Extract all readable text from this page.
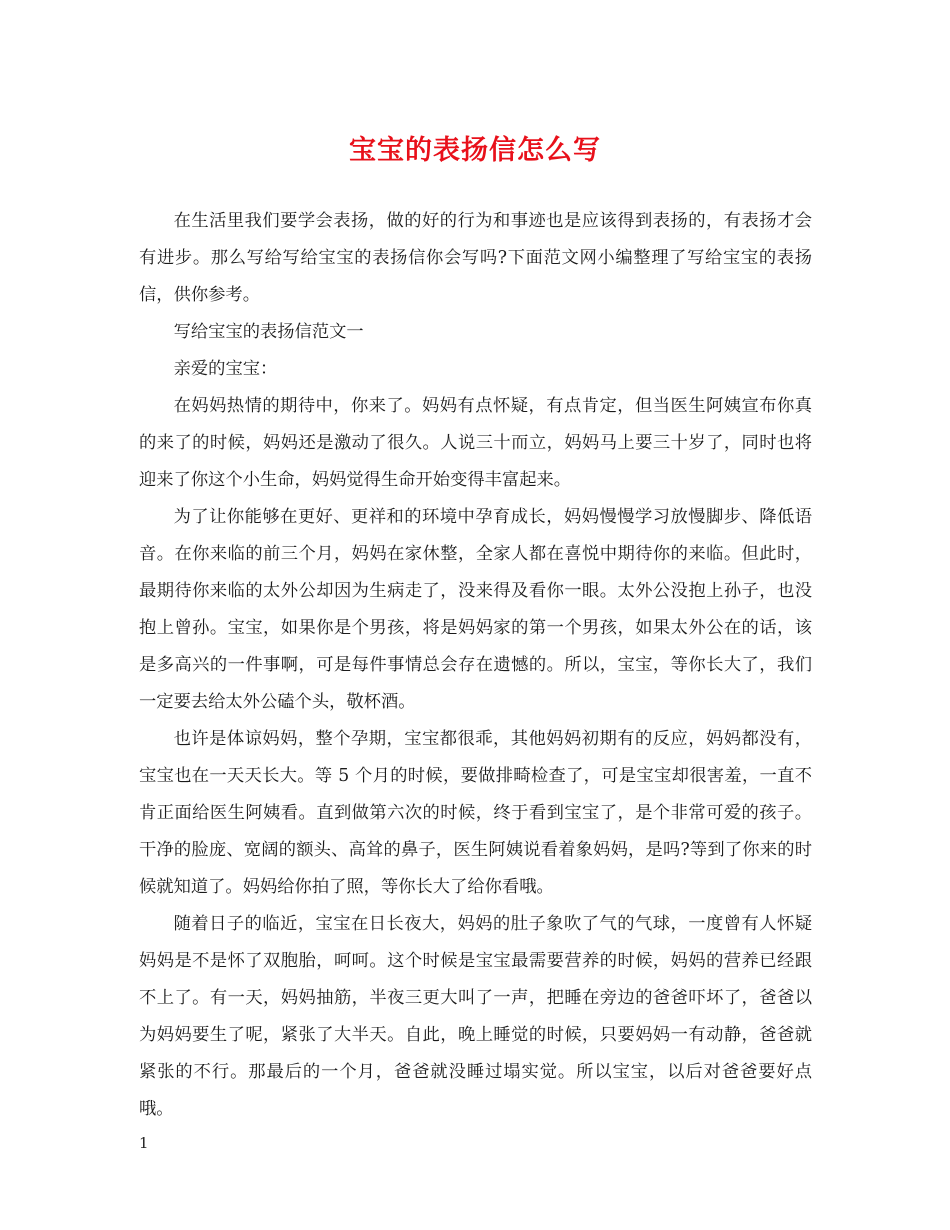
宝宝的表扬信怎么写

在生活里我们要学会表扬，做的好的行为和事迹也是应该得到表扬的，有表扬才会有进步。那么写给写给宝宝的表扬信你会写吗?下面范文网小编整理了写给宝宝的表扬信，供你参考。

写给宝宝的表扬信范文一

亲爱的宝宝：

在妈妈热情的期待中，你来了。妈妈有点怀疑，有点肯定，但当医生阿姨宣布你真的来了的时候，妈妈还是激动了很久。人说三十而立，妈妈马上要三十岁了，同时也将迎来了你这个小生命，妈妈觉得生命开始变得丰富起来。

为了让你能够在更好、更祥和的环境中孕育成长，妈妈慢慢学习放慢脚步、降低语音。在你来临的前三个月，妈妈在家休整，全家人都在喜悦中期待你的来临。但此时，最期待你来临的太外公却因为生病走了，没来得及看你一眼。太外公没抱上孙子，也没抱上曾孙。宝宝，如果你是个男孩，将是妈妈家的第一个男孩，如果太外公在的话，该是多高兴的一件事啊，可是每件事情总会存在遗憾的。所以，宝宝，等你长大了，我们一定要去给太外公磕个头，敬杯酒。

也许是体谅妈妈，整个孕期，宝宝都很乖，其他妈妈初期有的反应，妈妈都没有，宝宝也在一天天长大。等 5 个月的时候，要做排畸检查了，可是宝宝却很害羞，一直不肯正面给医生阿姨看。直到做第六次的时候，终于看到宝宝了，是个非常可爱的孩子。干净的脸庞、宽阔的额头、高耸的鼻子，医生阿姨说看着象妈妈，是吗?等到了你来的时候就知道了。妈妈给你拍了照，等你长大了给你看哦。

随着日子的临近，宝宝在日长夜大，妈妈的肚子象吹了气的气球，一度曾有人怀疑妈妈是不是怀了双胞胎，呵呵。这个时候是宝宝最需要营养的时候，妈妈的营养已经跟不上了。有一天，妈妈抽筋，半夜三更大叫了一声，把睡在旁边的爸爸吓坏了，爸爸以为妈妈要生了呢，紧张了大半天。自此，晚上睡觉的时候，只要妈妈一有动静，爸爸就紧张的不行。那最后的一个月，爸爸就没睡过塌实觉。所以宝宝，以后对爸爸要好点哦。

1
